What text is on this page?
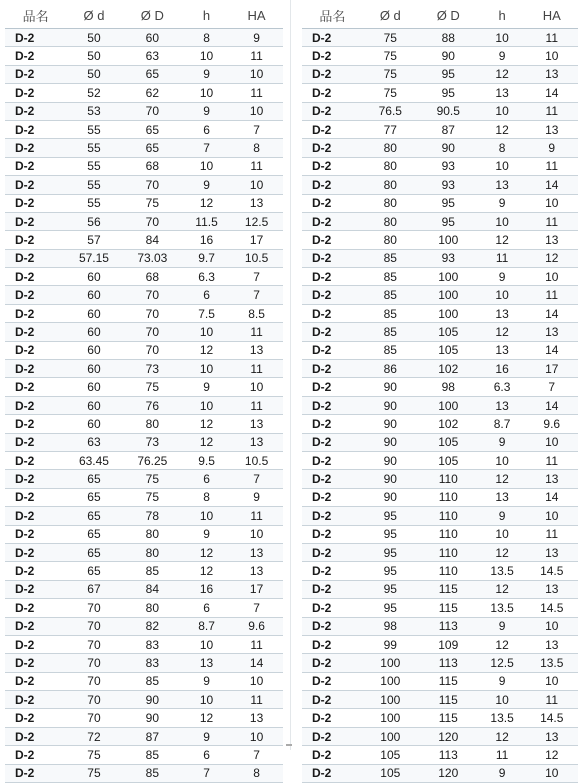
品名	Ø d	Ø D	h	HA
D-2	50	60	8	9
D-2	50	63	10	11
D-2	50	65	9	10
D-2	52	62	10	11
D-2	53	70	9	10
D-2	55	65	6	7
D-2	55	65	7	8
D-2	55	68	10	11
D-2	55	70	9	10
D-2	55	75	12	13
D-2	56	70	11.5	12.5
D-2	57	84	16	17
D-2	57.15	73.03	9.7	10.5
D-2	60	68	6.3	7
D-2	60	70	6	7
D-2	60	70	7.5	8.5
D-2	60	70	10	11
D-2	60	70	12	13
D-2	60	73	10	11
D-2	60	75	9	10
D-2	60	76	10	11
D-2	60	80	12	13
D-2	63	73	12	13
D-2	63.45	76.25	9.5	10.5
D-2	65	75	6	7
D-2	65	75	8	9
D-2	65	78	10	11
D-2	65	80	9	10
D-2	65	80	12	13
D-2	65	85	12	13
D-2	67	84	16	17
D-2	70	80	6	7
D-2	70	82	8.7	9.6
D-2	70	83	10	11
D-2	70	83	13	14
D-2	70	85	9	10
D-2	70	90	10	11
D-2	70	90	12	13
D-2	72	87	9	10
D-2	75	85	6	7
D-2	75	85	7	8
品名	Ø d	Ø D	h	HA
D-2	75	88	10	11
D-2	75	90	9	10
D-2	75	95	12	13
D-2	75	95	13	14
D-2	76.5	90.5	10	11
D-2	77	87	12	13
D-2	80	90	8	9
D-2	80	93	10	11
D-2	80	93	13	14
D-2	80	95	9	10
D-2	80	95	10	11
D-2	80	100	12	13
D-2	85	93	11	12
D-2	85	100	9	10
D-2	85	100	10	11
D-2	85	100	13	14
D-2	85	105	12	13
D-2	85	105	13	14
D-2	86	102	16	17
D-2	90	98	6.3	7
D-2	90	100	13	14
D-2	90	102	8.7	9.6
D-2	90	105	9	10
D-2	90	105	10	11
D-2	90	110	12	13
D-2	90	110	13	14
D-2	95	110	9	10
D-2	95	110	10	11
D-2	95	110	12	13
D-2	95	110	13.5	14.5
D-2	95	115	12	13
D-2	95	115	13.5	14.5
D-2	98	113	9	10
D-2	99	109	12	13
D-2	100	113	12.5	13.5
D-2	100	115	9	10
D-2	100	115	10	11
D-2	100	115	13.5	14.5
D-2	100	120	12	13
D-2	105	113	11	12
D-2	105	120	9	10
